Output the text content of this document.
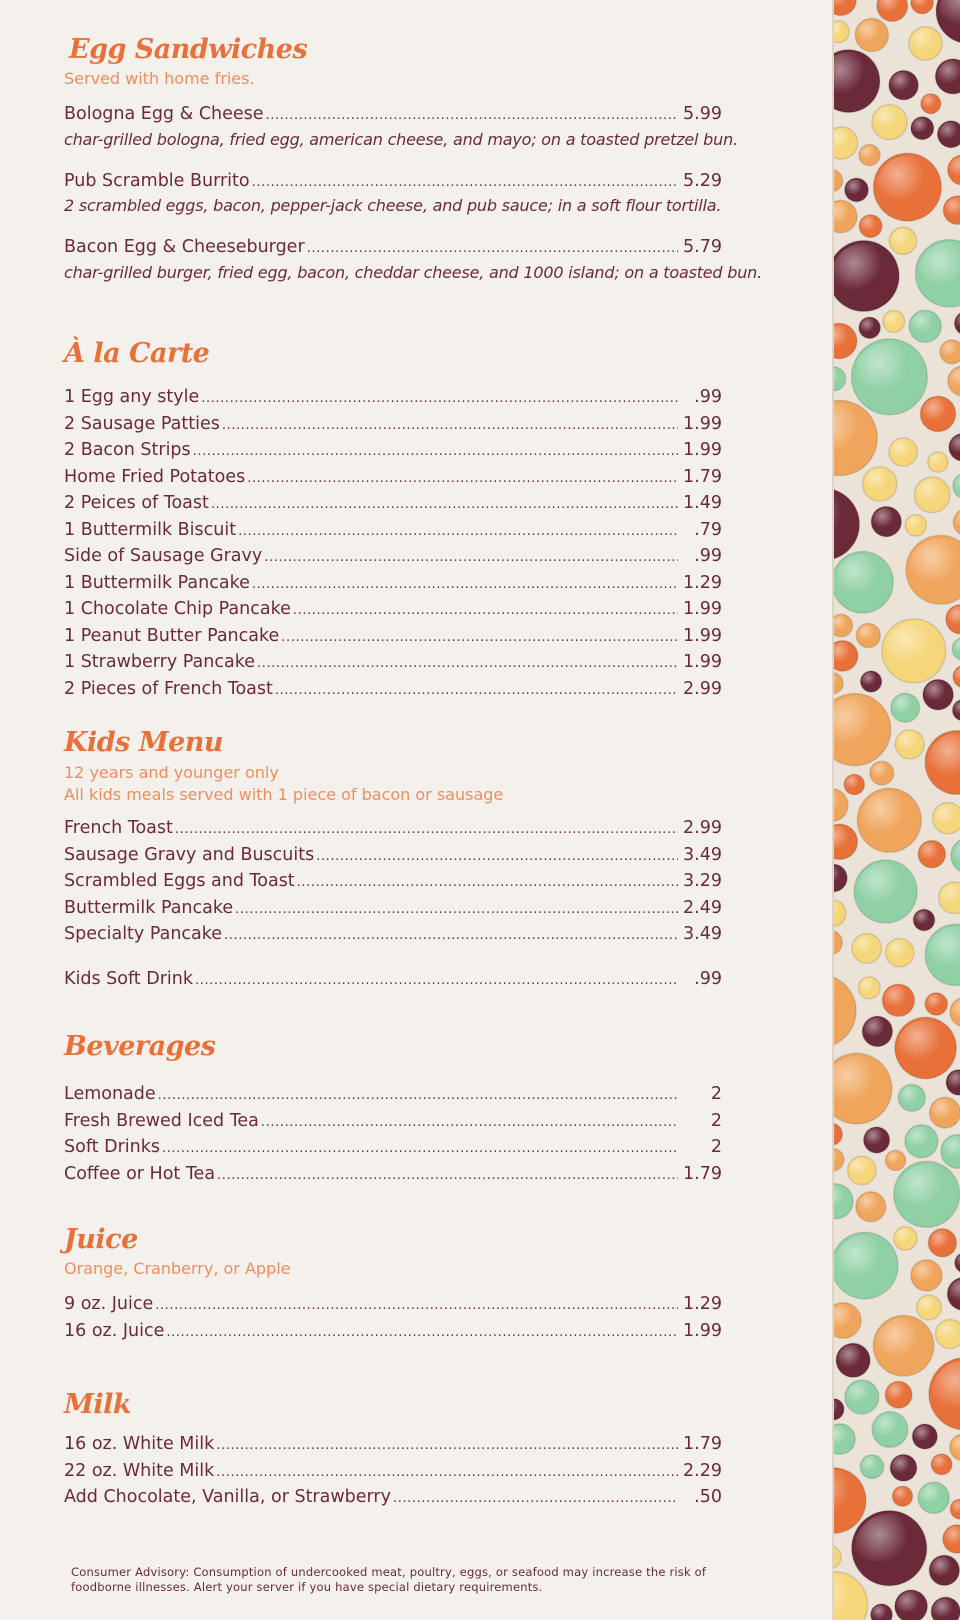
Egg Sandwiches
Served with home fries.
Bologna Egg & Cheese .....	5.99
char-grilled bologna, fried egg, american cheese, and mayo; on a toasted pretzel bun.
Pub Scramble Burrito .....	5.29
2 scrambled eggs, bacon, pepper-jack cheese, and pub sauce; in a soft flour tortilla.
Bacon Egg & Cheeseburger .....	5.79
char-grilled burger, fried egg, bacon, cheddar cheese, and 1000 island; on a toasted bun.
À la Carte
1 Egg any style .....	.99
2 Sausage Patties .....	1.99
2 Bacon Strips .....	1.99
Home Fried Potatoes .....	1.79
2 Peices of Toast .....	1.49
1 Buttermilk Biscuit .....	.79
Side of Sausage Gravy .....	.99
1 Buttermilk Pancake .....	1.29
1 Chocolate Chip Pancake .....	1.99
1 Peanut Butter Pancake .....	1.99
1 Strawberry Pancake .....	1.99
2 Pieces of French Toast .....	2.99
Kids Menu
12 years and younger only
All kids meals served with 1 piece of bacon or sausage
French Toast .....	2.99
Sausage Gravy and Buscuits .....	3.49
Scrambled Eggs and Toast .....	3.29
Buttermilk Pancake .....	2.49
Specialty Pancake .....	3.49
Kids Soft Drink .....	.99
Beverages
Lemonade .....	2
Fresh Brewed Iced Tea .....	2
Soft Drinks .....	2
Coffee or Hot Tea .....	1.79
Juice
Orange, Cranberry, or Apple
9 oz. Juice .....	1.29
16 oz. Juice .....	1.99
Milk
16 oz. White Milk .....	1.79
22 oz. White Milk .....	2.29
Add Chocolate, Vanilla, or Strawberry .....	.50
Consumer Advisory: Consumption of undercooked meat, poultry, eggs, or seafood may increase the risk of
foodborne illnesses. Alert your server if you have special dietary requirements.
